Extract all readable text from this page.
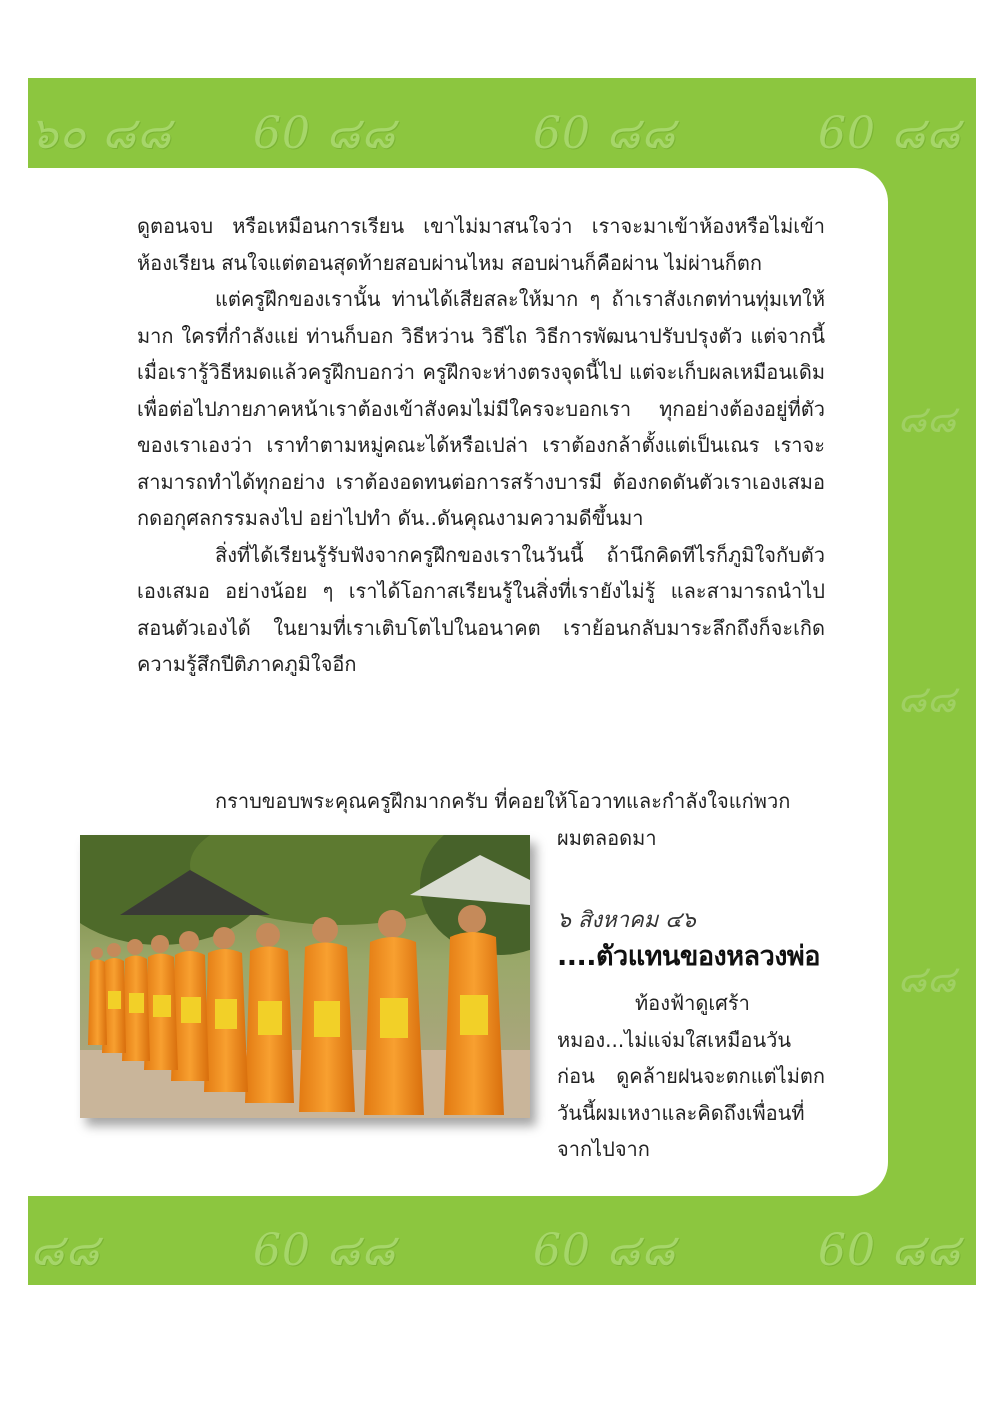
๖๐ ๘๘ 60 ๘๘	60 ๘๘	60 ๘๘
๘๘
๘๘
๘๘
๘๘	60 ๘๘	60 ๘๘	60 ๘๘

ดูตอนจบ หรือเหมือนการเรียน เขาไม่มาสนใจว่า เราจะมาเข้าห้องหรือไม่เข้าห้องเรียน สนใจแต่ตอนสุดท้ายสอบผ่านไหม สอบผ่านก็คือผ่าน ไม่ผ่านก็ตก

แต่ครูฝึกของเรานั้น ท่านได้เสียสละให้มาก ๆ ถ้าเราสังเกตท่านทุ่มเทให้มาก ใครที่กำลังแย่ ท่านก็บอก วิธีหว่าน วิธีไถ วิธีการพัฒนาปรับปรุงตัว แต่จากนี้เมื่อเรารู้วิธีหมดแล้วครูฝึกบอกว่า ครูฝึกจะห่างตรงจุดนี้ไป แต่จะเก็บผลเหมือนเดิม เพื่อต่อไปภายภาคหน้าเราต้องเข้าสังคมไม่มีใครจะบอกเรา ทุกอย่างต้องอยู่ที่ตัวของเราเองว่า เราทำตามหมู่คณะได้หรือเปล่า เราต้องกล้าตั้งแต่เป็นเณร เราจะสามารถทำได้ทุกอย่าง เราต้องอดทนต่อการสร้างบารมี ต้องกดดันตัวเราเองเสมอ กดอกุศลกรรมลงไป อย่าไปทำ ดัน..ดันคุณงามความดีขึ้นมา

สิ่งที่ได้เรียนรู้รับฟังจากครูฝึกของเราในวันนี้ ถ้านึกคิดทีไรก็ภูมิใจกับตัวเองเสมอ อย่างน้อย ๆ เราได้โอกาสเรียนรู้ในสิ่งที่เรายังไม่รู้ และสามารถนำไปสอนตัวเองได้ ในยามที่เราเติบโตไปในอนาคต เราย้อนกลับมาระลึกถึงก็จะเกิดความรู้สึกปีติภาคภูมิใจอีก

กราบขอบพระคุณครูฝึกมากครับ ที่คอยให้โอวาทและกำลังใจแก่พวก
ผมตลอดมา
๖ สิงหาคม ๔๖
....ตัวแทนของหลวงพ่อ

ท้องฟ้าดูเศร้าหมอง...ไม่แจ่มใสเหมือนวันก่อน ดูคล้ายฝนจะตกแต่ไม่ตก วันนี้ผมเหงาและคิดถึงเพื่อนที่จากไปจาก
